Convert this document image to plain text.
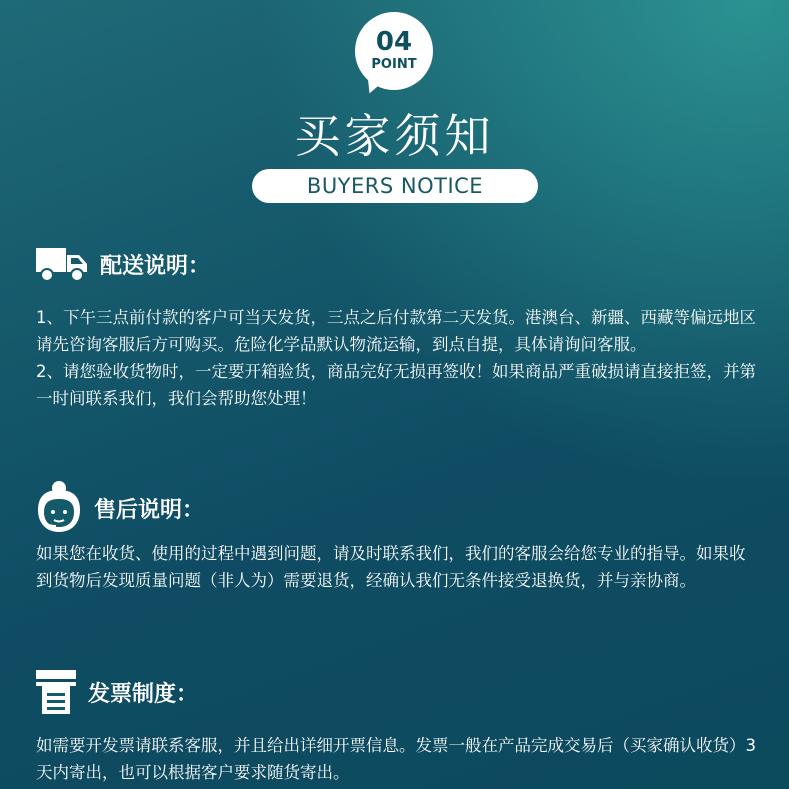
04
POINT
买家须知
BUYERS NOTICE
配送说明：

1、下午三点前付款的客户可当天发货，三点之后付款第二天发货。港澳台、新疆、西藏等偏远地区请先咨询客服后方可购买。危险化学品默认物流运输，到点自提，具体请询问客服。

2、请您验收货物时，一定要开箱验货，商品完好无损再签收！如果商品严重破损请直接拒签，并第一时间联系我们，我们会帮助您处理！

售后说明：

如果您在收货、使用的过程中遇到问题，请及时联系我们，我们的客服会给您专业的指导。如果收到货物后发现质量问题（非人为）需要退货，经确认我们无条件接受退换货，并与亲协商。

发票制度：

如需要开发票请联系客服，并且给出详细开票信息。发票一般在产品完成交易后（买家确认收货）3天内寄出，也可以根据客户要求随货寄出。
